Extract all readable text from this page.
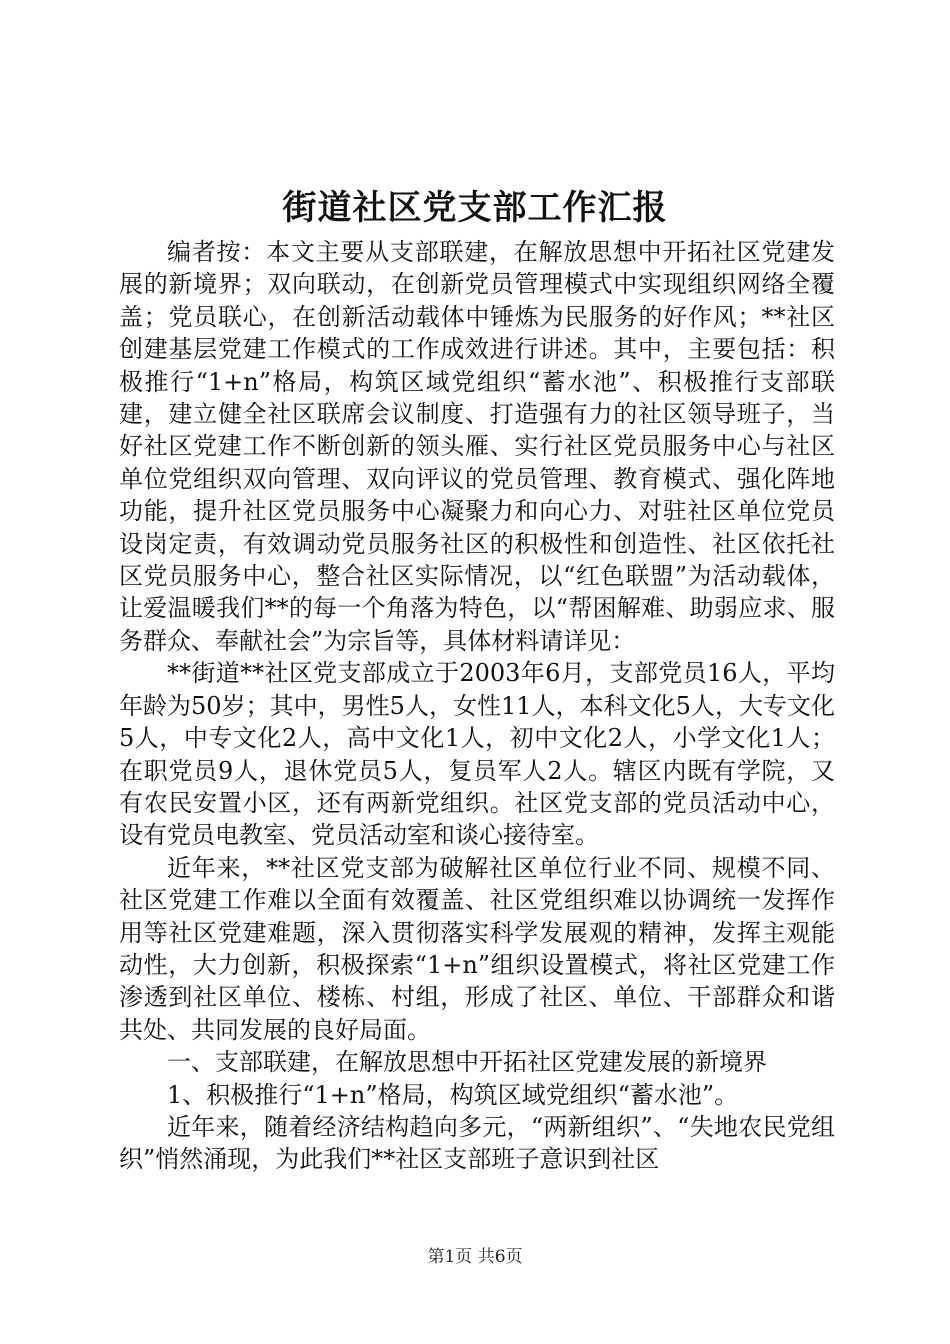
街道社区党支部工作汇报

编者按：本文主要从支部联建，在解放思想中开拓社区党建发展的新境界；双向联动，在创新党员管理模式中实现组织网络全覆盖；党员联心，在创新活动载体中锤炼为民服务的好作风；**社区创建基层党建工作模式的工作成效进行讲述。其中，主要包括：积极推行“1+n”格局，构筑区域党组织“蓄水池”、积极推行支部联建，建立健全社区联席会议制度、打造强有力的社区领导班子，当好社区党建工作不断创新的领头雁、实行社区党员服务中心与社区单位党组织双向管理、双向评议的党员管理、教育模式、强化阵地功能，提升社区党员服务中心凝聚力和向心力、对驻社区单位党员设岗定责，有效调动党员服务社区的积极性和创造性、社区依托社区党员服务中心，整合社区实际情况，以“红色联盟”为活动载体，让爱温暖我们**的每一个角落为特色，以“帮困解难、助弱应求、服务群众、奉献社会”为宗旨等，具体材料请详见：

**街道**社区党支部成立于2003年6月，支部党员16人，平均年龄为50岁；其中，男性5人，女性11人，本科文化5人，大专文化5人，中专文化2人，高中文化1人，初中文化2人，小学文化1人；在职党员9人，退休党员5人，复员军人2人。辖区内既有学院，又有农民安置小区，还有两新党组织。社区党支部的党员活动中心，设有党员电教室、党员活动室和谈心接待室。

近年来，**社区党支部为破解社区单位行业不同、规模不同、社区党建工作难以全面有效覆盖、社区党组织难以协调统一发挥作用等社区党建难题，深入贯彻落实科学发展观的精神，发挥主观能动性，大力创新，积极探索“1+n”组织设置模式，将社区党建工作渗透到社区单位、楼栋、村组，形成了社区、单位、干部群众和谐共处、共同发展的良好局面。

一、支部联建，在解放思想中开拓社区党建发展的新境界

1、积极推行“1+n”格局，构筑区域党组织“蓄水池”。

近年来，随着经济结构趋向多元，“两新组织”、“失地农民党组织”悄然涌现，为此我们**社区支部班子意识到社区

第1页 共6页
